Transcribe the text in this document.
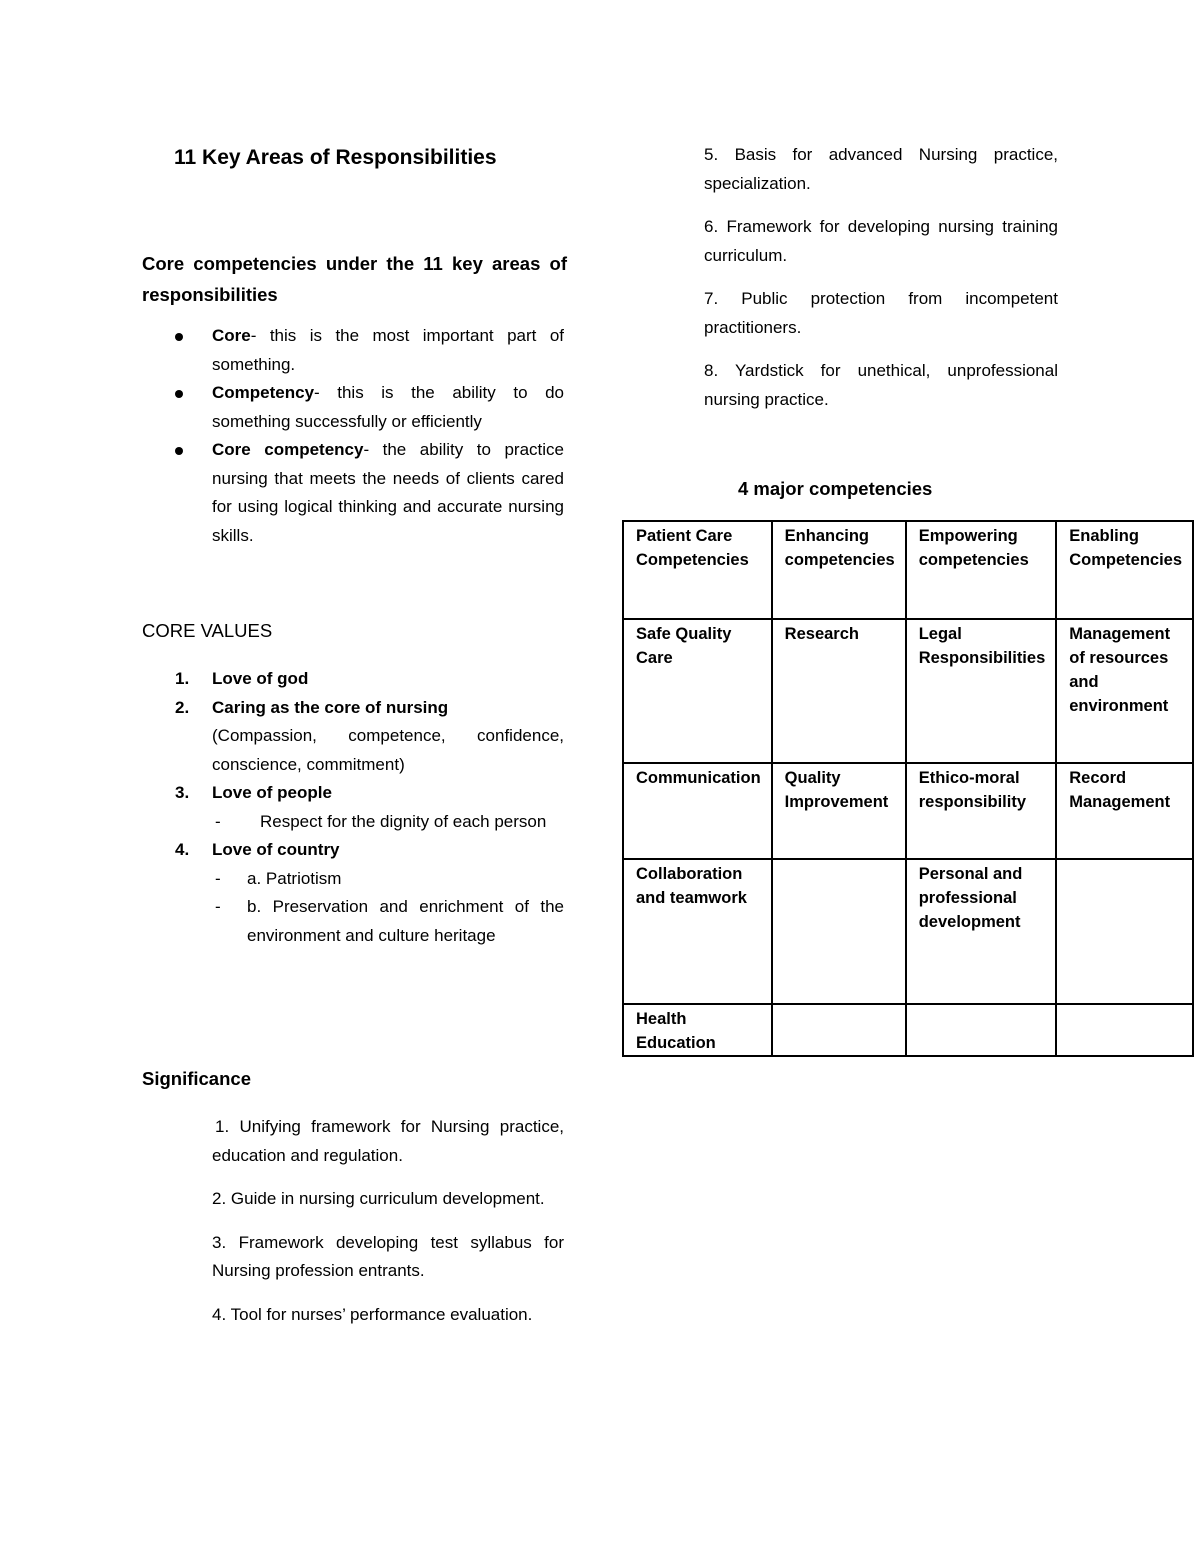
11 Key Areas of Responsibilities
Core competencies under the 11 key areas of responsibilities
Core- this is the most important part of something.
Competency- this is the ability to do something successfully or efficiently
Core competency- the ability to practice nursing that meets the needs of clients cared for using logical thinking and accurate nursing skills.
CORE VALUES
1. Love of god
2. Caring as the core of nursing
(Compassion, competence, confidence, conscience, commitment)
3. Love of people
- Respect for the dignity of each person
4. Love of country
- a. Patriotism
- b. Preservation and enrichment of the environment and culture heritage
Significance
1. Unifying framework for Nursing practice, education and regulation.
2. Guide in nursing curriculum development.
3. Framework developing test syllabus for Nursing profession entrants.
4. Tool for nurses’ performance evaluation.
5. Basis for advanced Nursing practice, specialization.
6. Framework for developing nursing training curriculum.
7. Public protection from incompetent practitioners.
8. Yardstick for unethical, unprofessional nursing practice.
4 major competencies
Patient Care Competencies	Enhancing competencies	Empowering competencies	Enabling Competencies
Safe Quality Care	Research	Legal Responsibilities	Management of resources and environment
Communication	Quality Improvement	Ethico-moral responsibility	Record Management
Collaboration and teamwork		Personal and professional development	
Health Education			
